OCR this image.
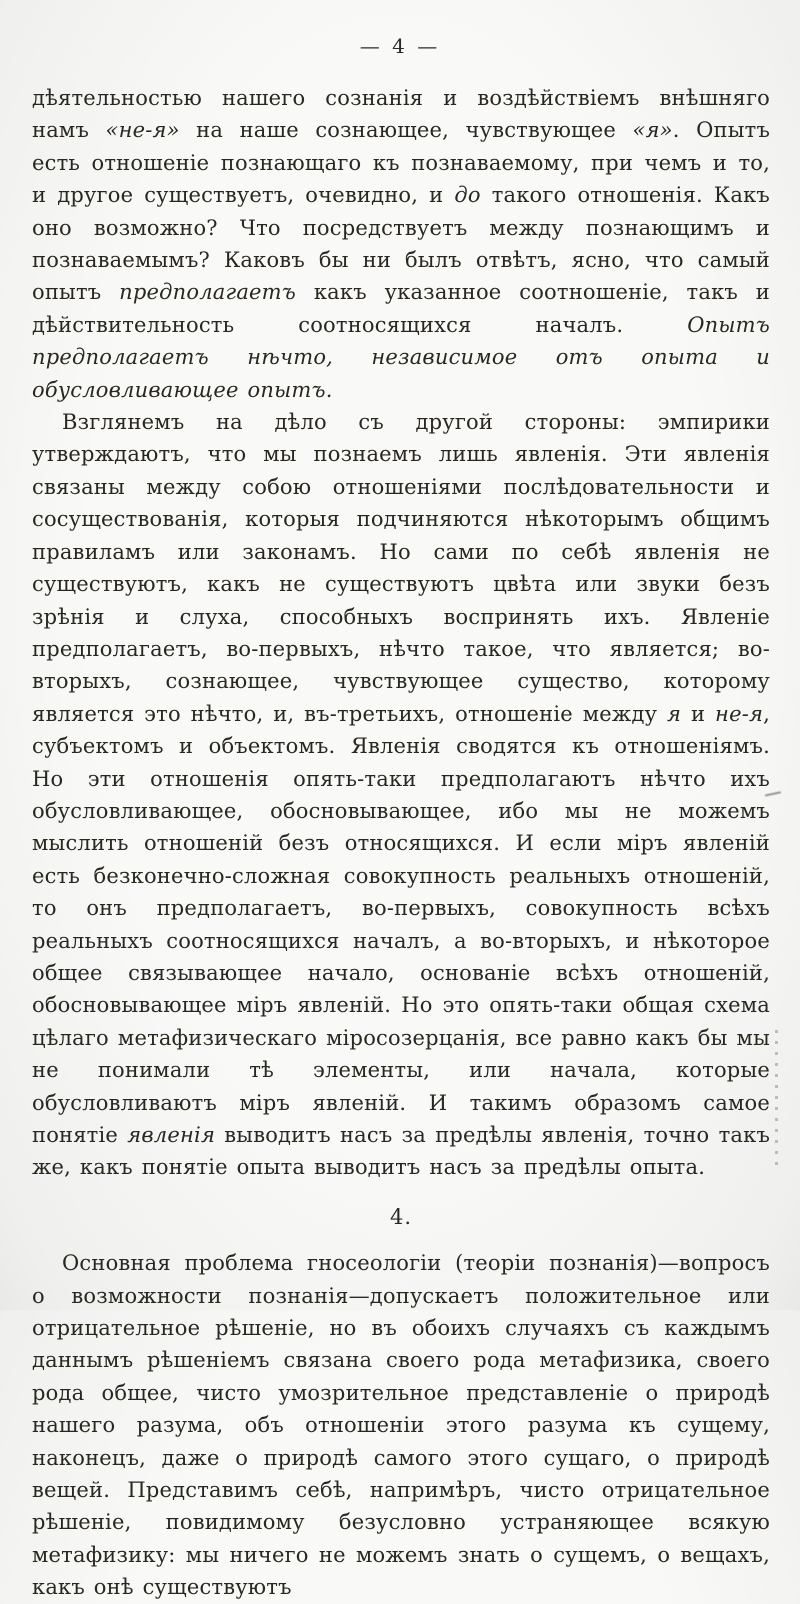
— 4 —

дѣятельностью нашего сознанія и воздѣйствіемъ внѣшняго намъ «не-я» на наше сознающее, чувствующее «я». Опытъ есть отношеніе познающаго къ познаваемому, при чемъ и то, и другое существуетъ, очевидно, и до такого отношенія. Какъ оно возможно? Что посредствуетъ между познающимъ и познаваемымъ? Каковъ бы ни былъ отвѣтъ, ясно, что самый опытъ предполагаетъ какъ указанное соотношеніе, такъ и дѣйствительность соотносящихся началъ. Опытъ предполагаетъ нѣчто, независимое отъ опыта и обусловливающее опытъ.

Взглянемъ на дѣло съ другой стороны: эмпирики утверждаютъ, что мы познаемъ лишь явленія. Эти явленія связаны между собою отношеніями послѣдовательности и сосуществованія, которыя подчиняются нѣкоторымъ общимъ правиламъ или законамъ. Но сами по себѣ явленія не существуютъ, какъ не существуютъ цвѣта или звуки безъ зрѣнія и слуха, способныхъ воспринять ихъ. Явленіе предполагаетъ, во-первыхъ, нѣчто такое, что является; во-вторыхъ, сознающее, чувствующее существо, которому является это нѣчто, и, въ-третьихъ, отношеніе между я и не-я, субъектомъ и объектомъ. Явленія сводятся къ отношеніямъ. Но эти отношенія опять-таки предполагаютъ нѣчто ихъ обусловливающее, обосновывающее, ибо мы не можемъ мыслить отношеній безъ относящихся. И если міръ явленій есть безконечно-сложная совокупность реальныхъ отношеній, то онъ предполагаетъ, во-первыхъ, совокупность всѣхъ реальныхъ соотносящихся началъ, а во-вторыхъ, и нѣкоторое общее связывающее начало, основаніе всѣхъ отношеній, обосновывающее міръ явленій. Но это опять-таки общая схема цѣлаго метафизическаго міросозерцанія, все равно какъ бы мы не понимали тѣ элементы, или начала, которые обусловливаютъ міръ явленій. И такимъ образомъ самое понятіе явленія выводитъ насъ за предѣлы явленія, точно такъ же, какъ понятіе опыта выводитъ насъ за предѣлы опыта.

4.

Основная проблема гносеологіи (теоріи познанія)—вопросъ о возможности познанія—допускаетъ положительное или отрицательное рѣшеніе, но въ обоихъ случаяхъ съ каждымъ даннымъ рѣшеніемъ связана своего рода метафизика, своего рода общее, чисто умозрительное представленіе о природѣ нашего разума, объ отношеніи этого разума къ сущему, наконецъ, даже о природѣ самого этого сущаго, о природѣ вещей. Представимъ себѣ, напримѣръ, чисто отрицательное рѣшеніе, повидимому безусловно устраняющее всякую метафизику: мы ничего не можемъ знать о сущемъ, о вещахъ, какъ онѣ существуютъ
